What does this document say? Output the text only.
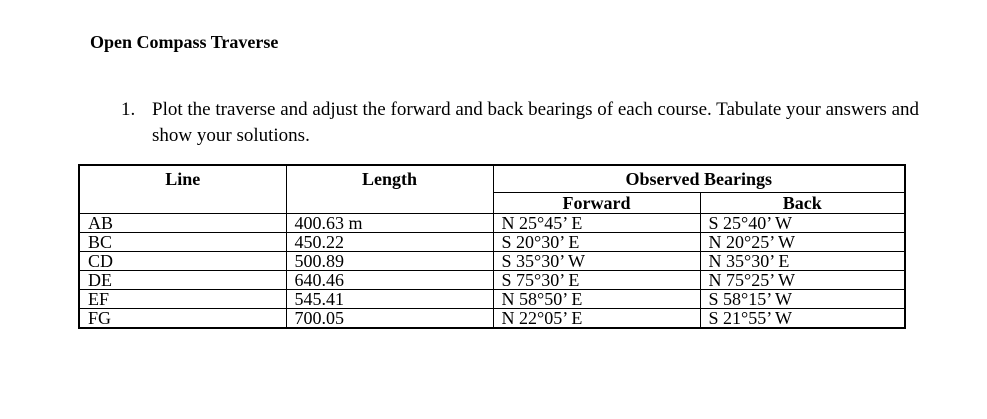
Open Compass Traverse
1. Plot the traverse and adjust the forward and back bearings of each course. Tabulate your answers and show your solutions.
Line	Length	Observed Bearings	
		Forward	Back
AB	400.63 m	N 25°45’ E	S 25°40’ W
BC	450.22	S 20°30’ E	N 20°25’ W
CD	500.89	S 35°30’ W	N 35°30’ E
DE	640.46	S 75°30’ E	N 75°25’ W
EF	545.41	N 58°50’ E	S 58°15’ W
FG	700.05	N 22°05’ E	S 21°55’ W
